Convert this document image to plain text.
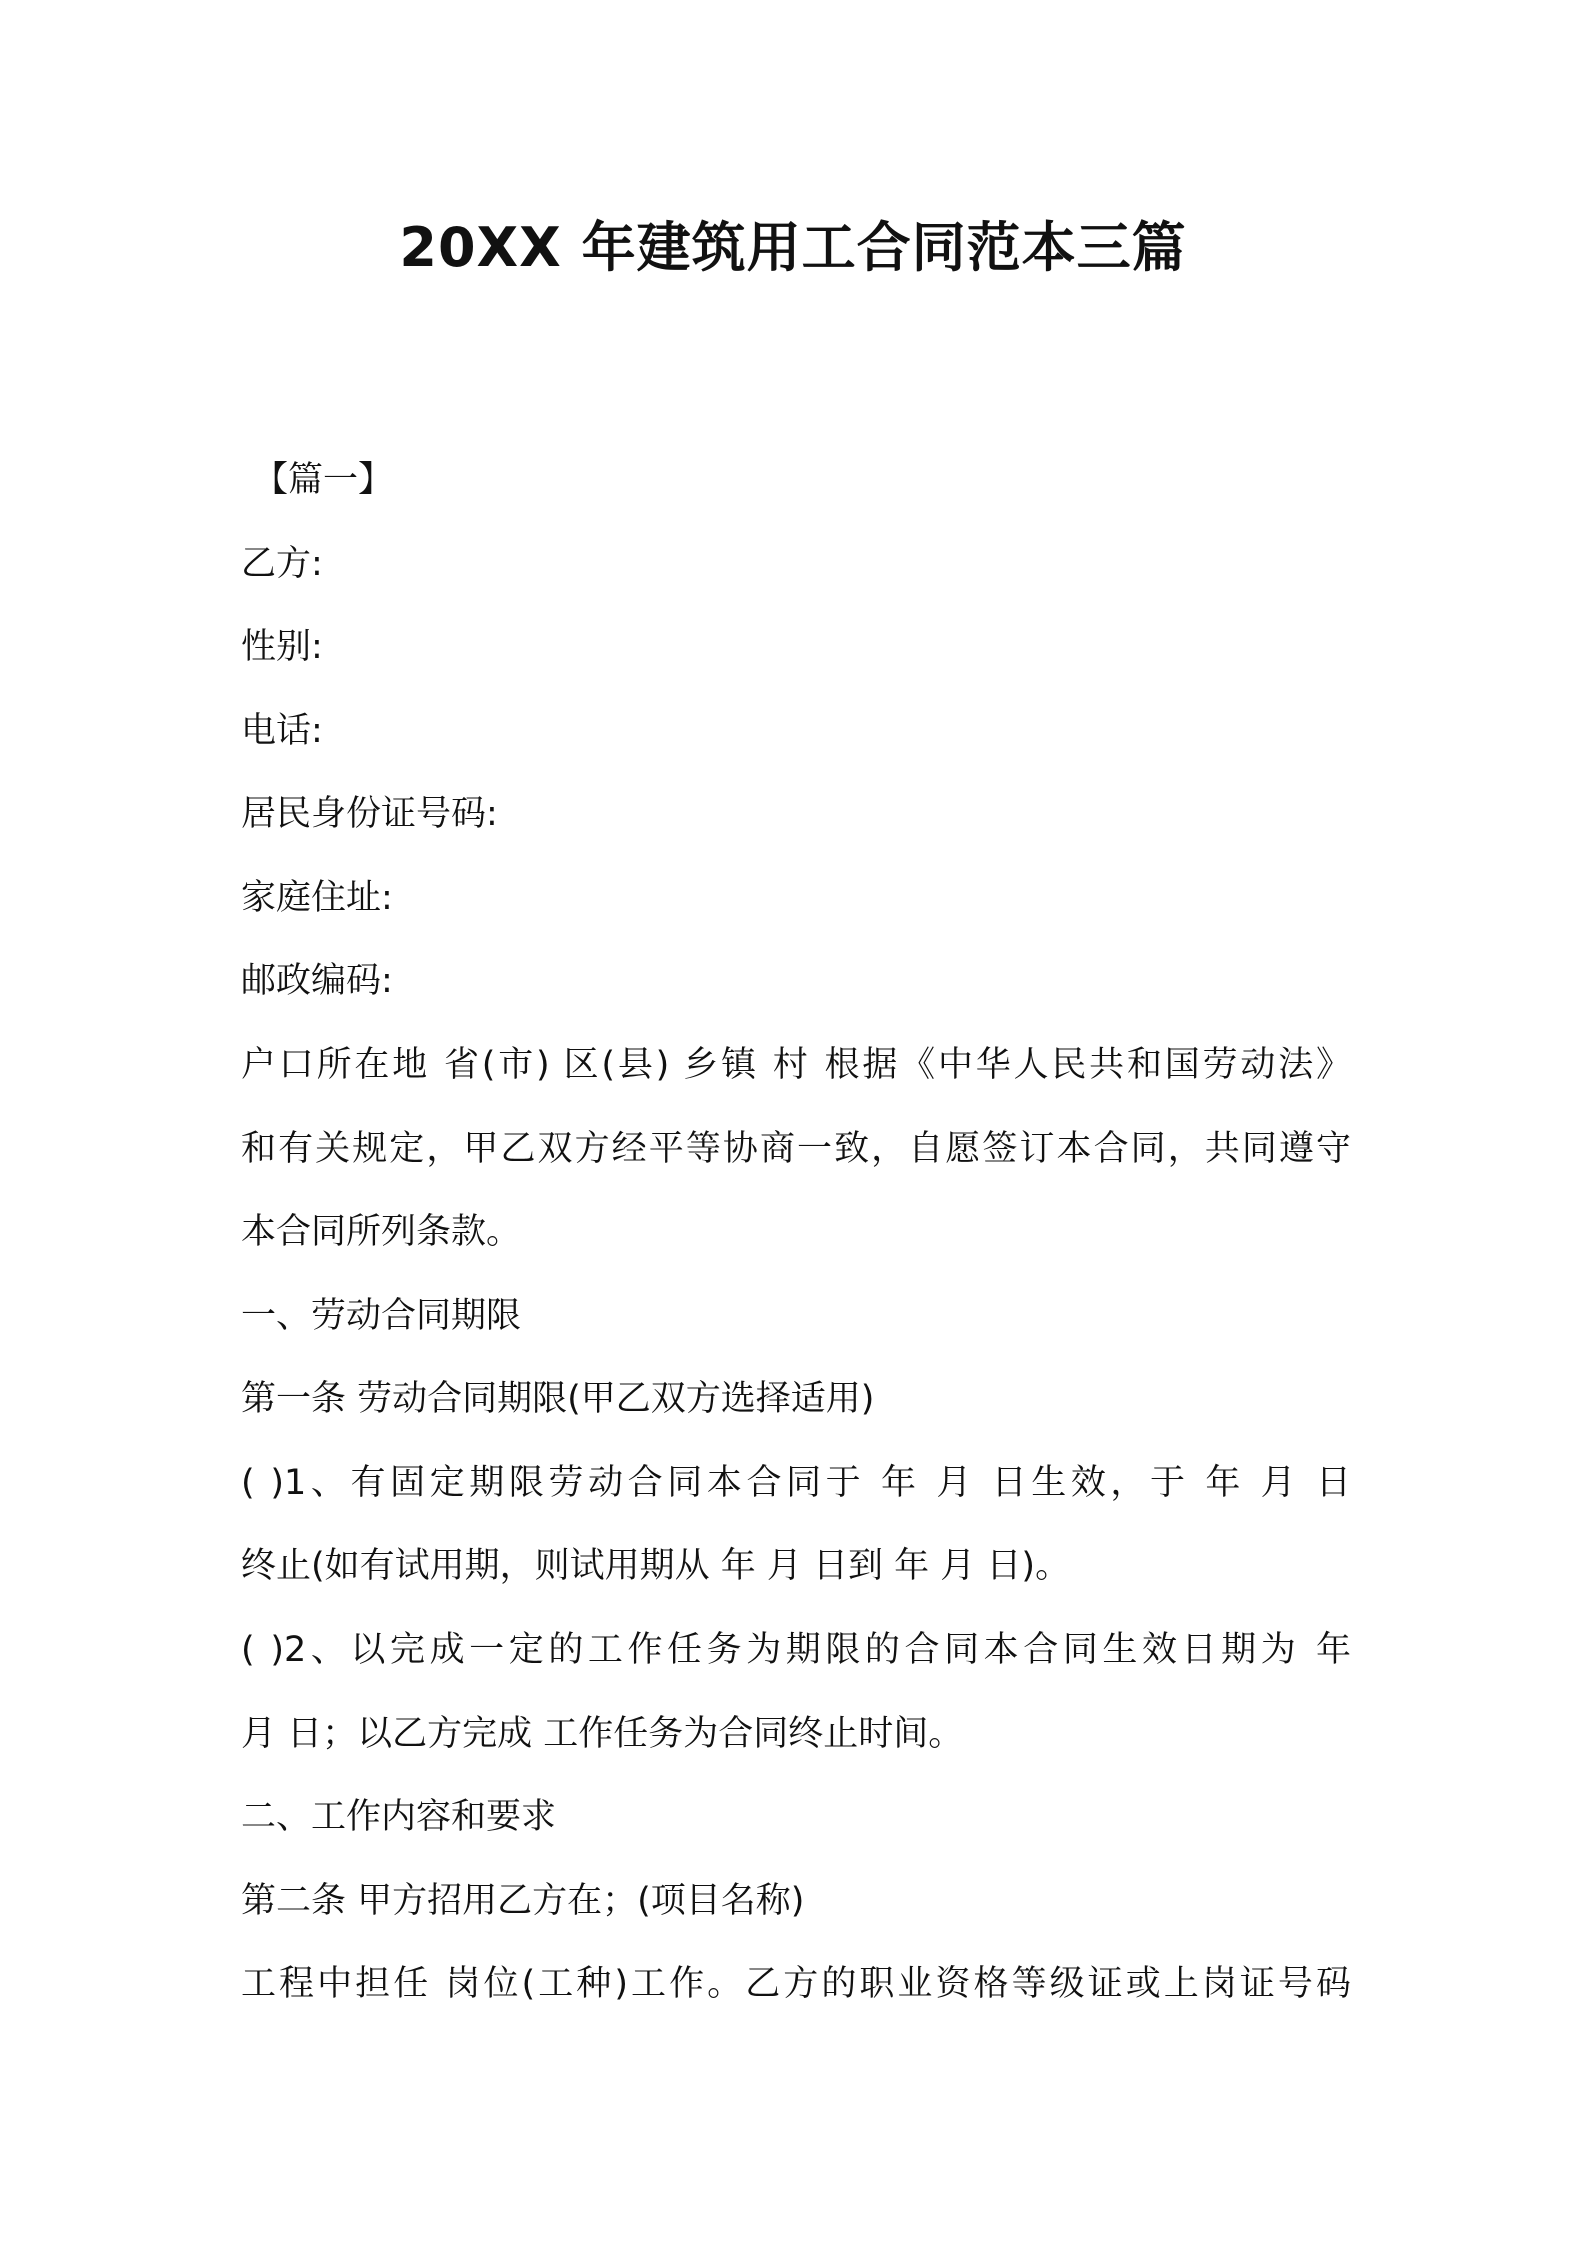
20XX 年建筑用工合同范本三篇
【篇一】
乙方:
性别:
电话:
居民身份证号码:
家庭住址:
邮政编码:
户口所在地 省(市) 区(县) 乡镇 村 根据《中华人民共和国劳动法》
和有关规定，甲乙双方经平等协商一致，自愿签订本合同，共同遵守
本合同所列条款。
一、劳动合同期限
第一条 劳动合同期限(甲乙双方选择适用)
( )1、有固定期限劳动合同本合同于 年 月 日生效，于 年 月 日
终止(如有试用期，则试用期从 年 月 日到 年 月 日)。
( )2、以完成一定的工作任务为期限的合同本合同生效日期为 年
月 日；以乙方完成 工作任务为合同终止时间。
二、工作内容和要求
第二条 甲方招用乙方在；(项目名称)
工程中担任 岗位(工种)工作。乙方的职业资格等级证或上岗证号码
